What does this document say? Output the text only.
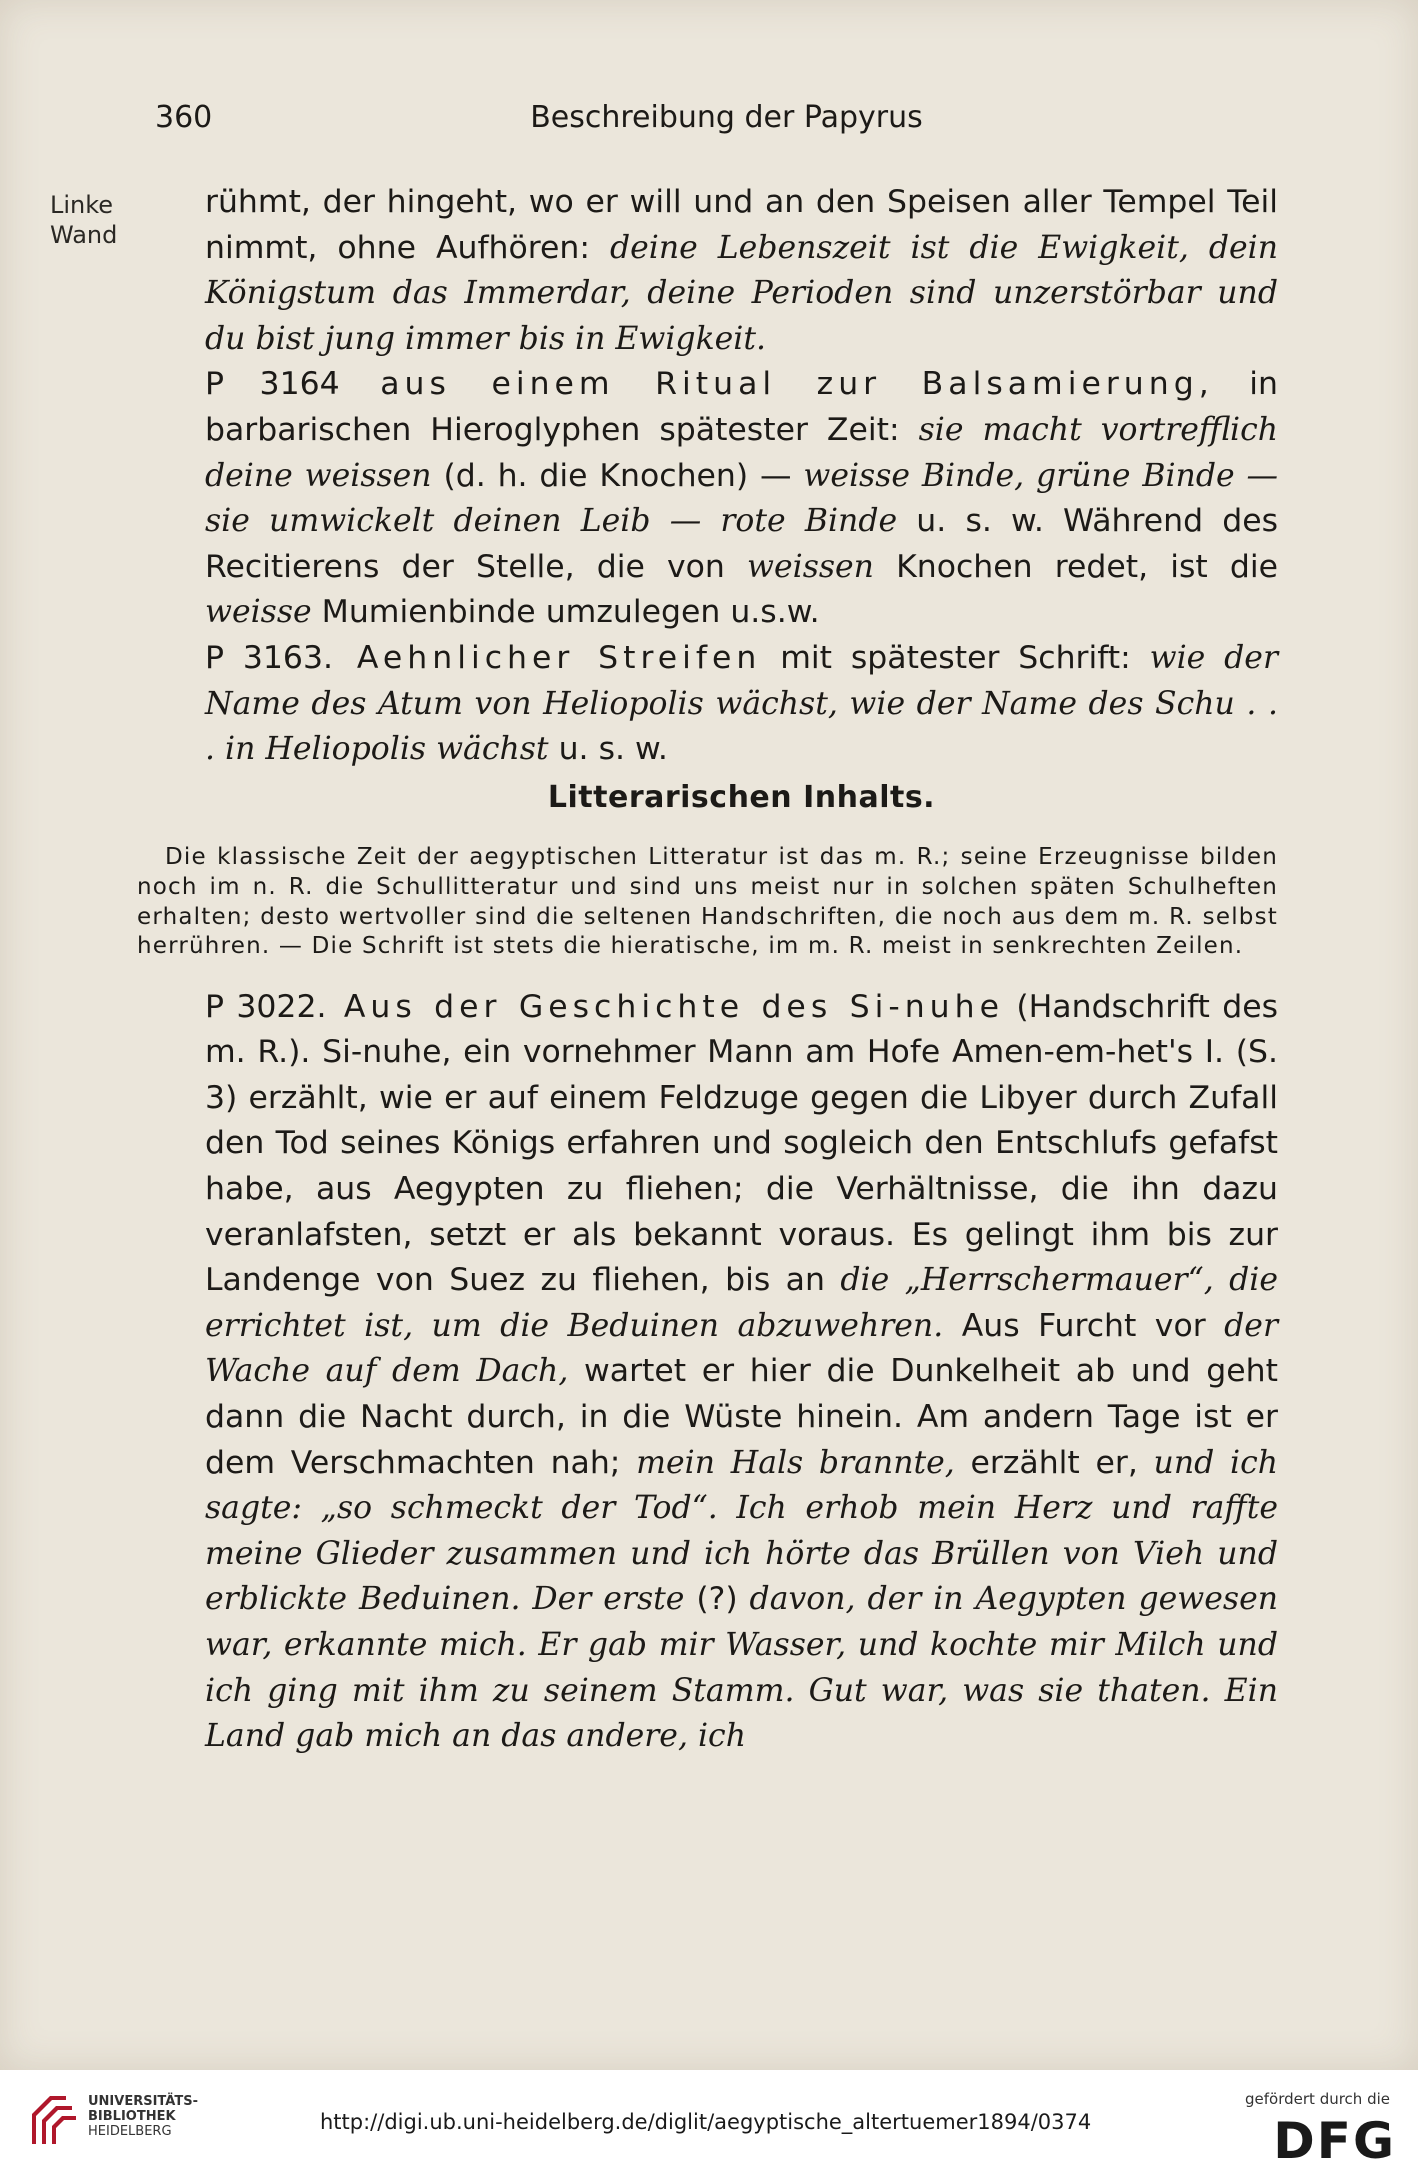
360	Beschreibung der Papyrus
Linke
Wand

rühmt, der hingeht, wo er will und an den Speisen aller Tempel Teil nimmt, ohne Aufhören: deine Lebenszeit ist die Ewigkeit, dein Königstum das Immerdar, deine Perioden sind unzerstörbar und du bist jung immer bis in Ewigkeit.

P 3164 aus einem Ritual zur Balsamierung, in barbarischen Hieroglyphen spätester Zeit: sie macht vortrefflich deine weissen (d. h. die Knochen) — weisse Binde, grüne Binde — sie umwickelt deinen Leib — rote Binde u. s. w. Während des Recitierens der Stelle, die von weissen Knochen redet, ist die weisse Mumienbinde umzulegen u.s.w.

P 3163. Aehnlicher Streifen mit spätester Schrift: wie der Name des Atum von Heliopolis wächst, wie der Name des Schu . . . in Heliopolis wächst u. s. w.

Litterarischen Inhalts.

Die klassische Zeit der aegyptischen Litteratur ist das m. R.; seine Erzeugnisse bilden noch im n. R. die Schullitteratur und sind uns meist nur in solchen späten Schulheften erhalten; desto wertvoller sind die seltenen Handschriften, die noch aus dem m. R. selbst herrühren. — Die Schrift ist stets die hieratische, im m. R. meist in senkrechten Zeilen.

P 3022. Aus der Geschichte des Si-nuhe (Handschrift des m. R.). Si-nuhe, ein vornehmer Mann am Hofe Amen-em-het's I. (S. 3) erzählt, wie er auf einem Feldzuge gegen die Libyer durch Zufall den Tod seines Königs erfahren und sogleich den Entschlufs gefafst habe, aus Aegypten zu fliehen; die Verhältnisse, die ihn dazu veranlafsten, setzt er als bekannt voraus. Es gelingt ihm bis zur Landenge von Suez zu fliehen, bis an die „Herrschermauer“, die errichtet ist, um die Beduinen abzuwehren. Aus Furcht vor der Wache auf dem Dach, wartet er hier die Dunkelheit ab und geht dann die Nacht durch, in die Wüste hinein. Am andern Tage ist er dem Verschmachten nah; mein Hals brannte, erzählt er, und ich sagte: „so schmeckt der Tod“. Ich erhob mein Herz und raffte meine Glieder zusammen und ich hörte das Brüllen von Vieh und erblickte Beduinen. Der erste (?) davon, der in Aegypten gewesen war, erkannte mich. Er gab mir Wasser, und kochte mir Milch und ich ging mit ihm zu seinem Stamm. Gut war, was sie thaten. Ein Land gab mich an das andere, ich

UNIVERSITÄTS-
BIBLIOTHEK
HEIDELBERG	http://digi.ub.uni-heidelberg.de/diglit/aegyptische_altertuemer1894/0374
gefördert durch die
DFG
